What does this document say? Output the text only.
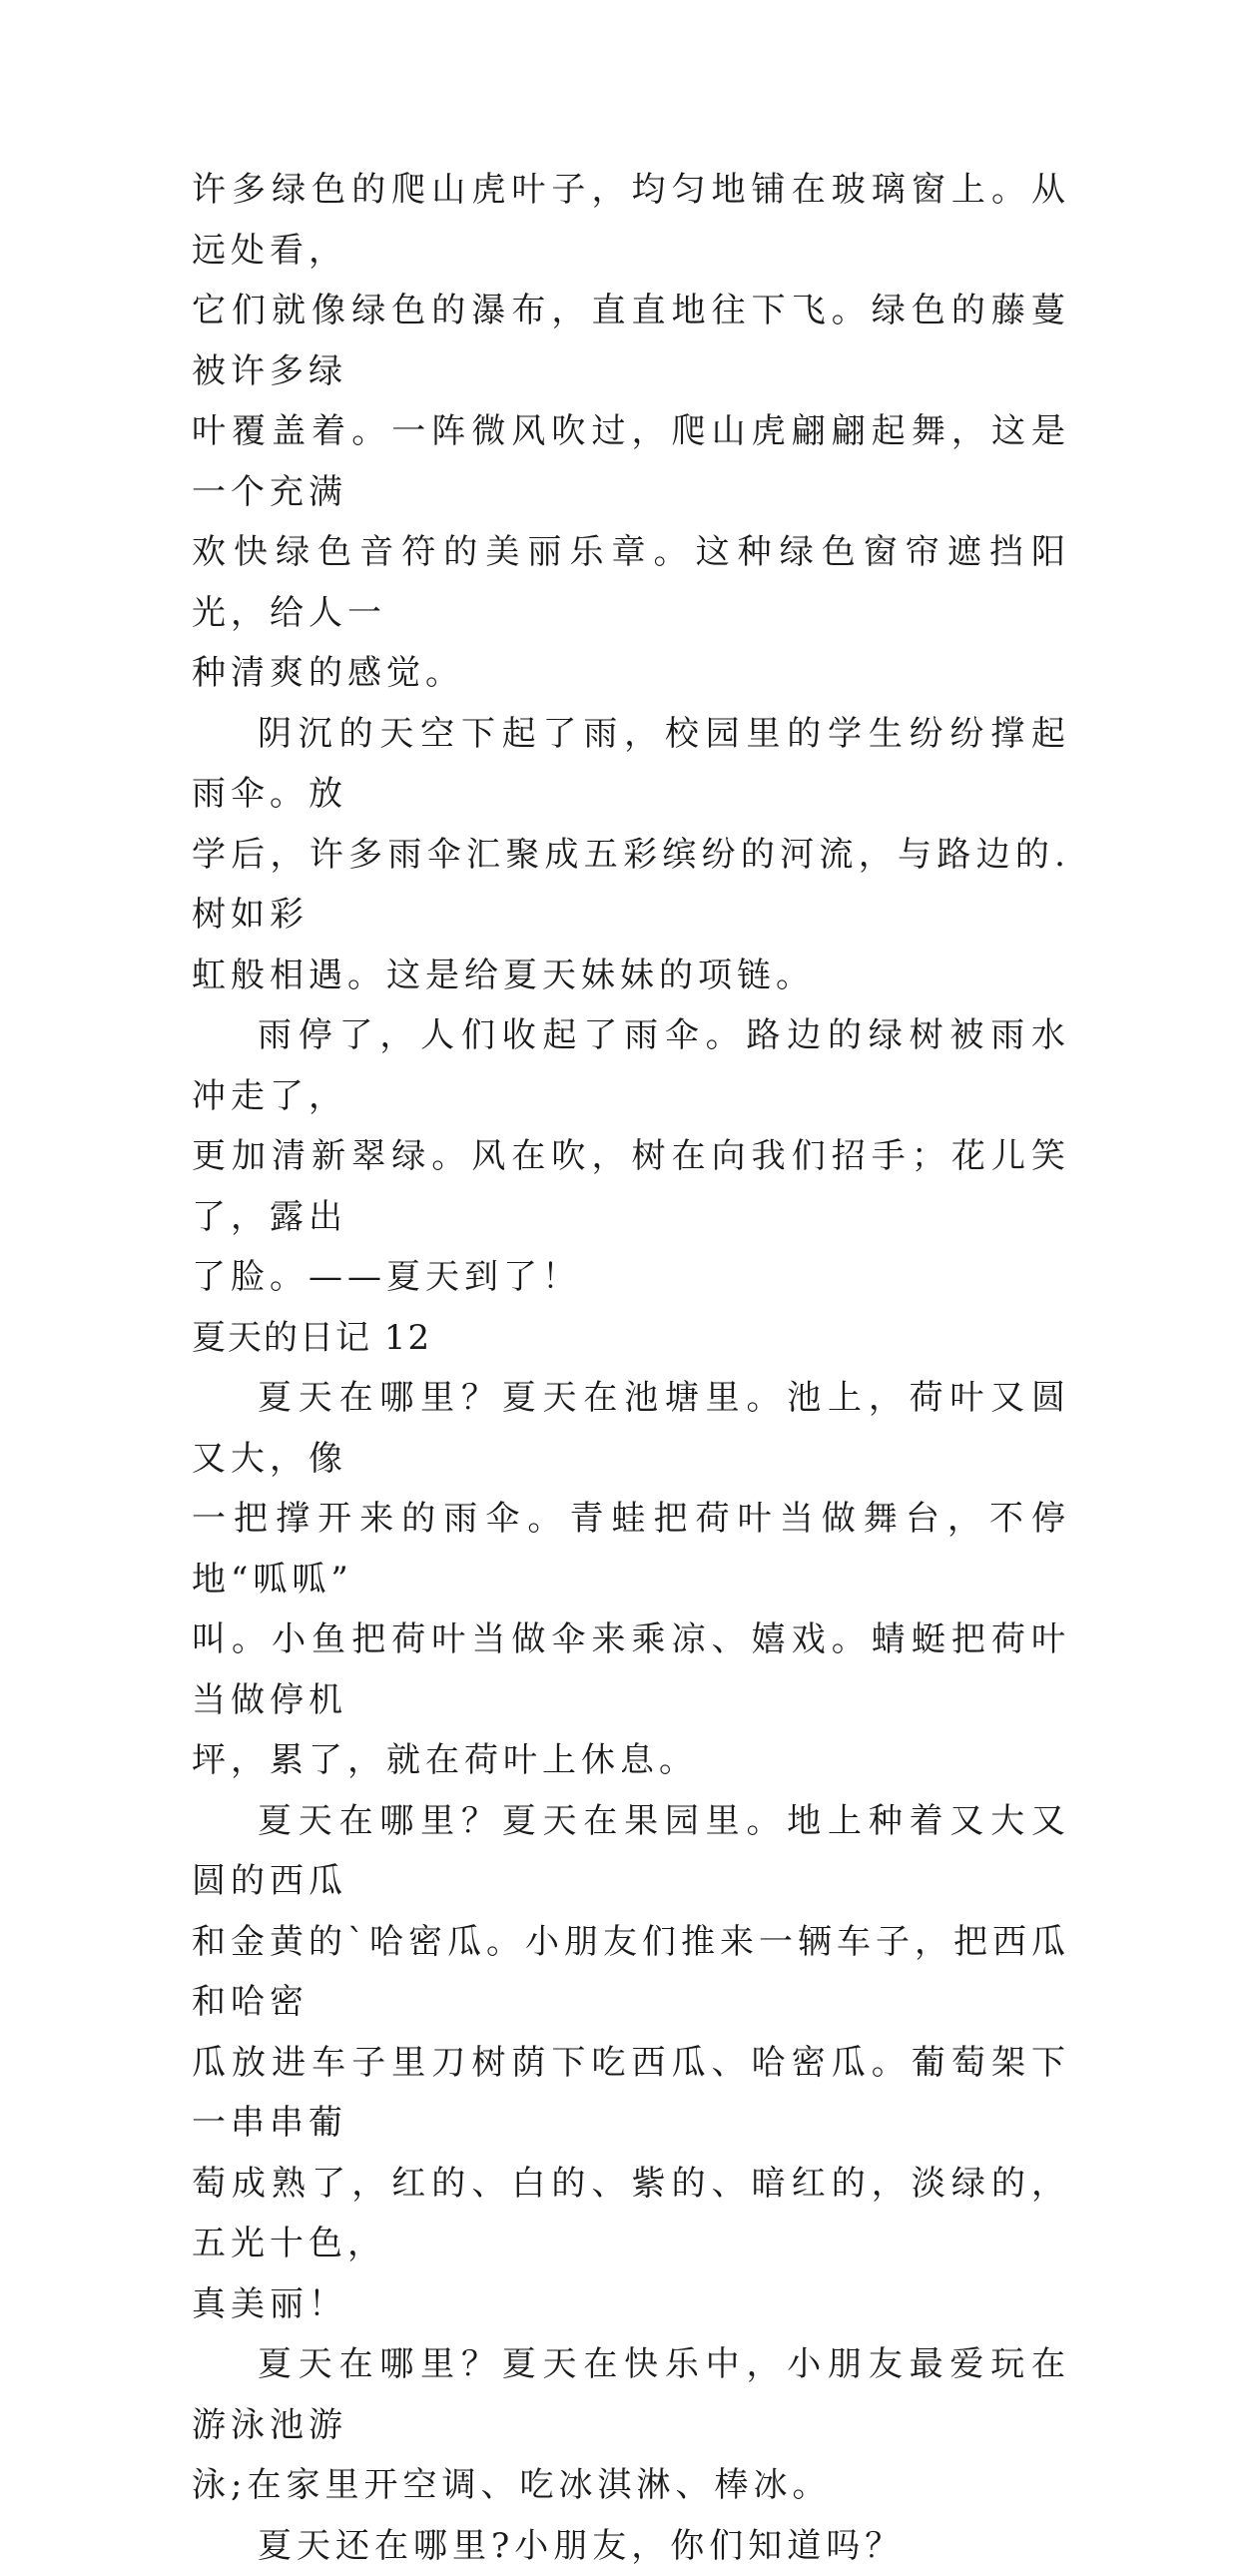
许多绿色的爬山虎叶子，均匀地铺在玻璃窗上。从远处看，
它们就像绿色的瀑布，直直地往下飞。绿色的藤蔓被许多绿
叶覆盖着。一阵微风吹过，爬山虎翩翩起舞，这是一个充满
欢快绿色音符的美丽乐章。这种绿色窗帘遮挡阳光，给人一
种清爽的感觉。

阴沉的天空下起了雨，校园里的学生纷纷撑起雨伞。放
学后，许多雨伞汇聚成五彩缤纷的河流，与路边的.树如彩
虹般相遇。这是给夏天妹妹的项链。

雨停了，人们收起了雨伞。路边的绿树被雨水冲走了，
更加清新翠绿。风在吹，树在向我们招手；花儿笑了，露出
了脸。——夏天到了！

夏天的日记 12

夏天在哪里？夏天在池塘里。池上，荷叶又圆又大，像
一把撑开来的雨伞。青蛙把荷叶当做舞台，不停地“呱呱”
叫。小鱼把荷叶当做伞来乘凉、嬉戏。蜻蜓把荷叶当做停机
坪，累了，就在荷叶上休息。

夏天在哪里？夏天在果园里。地上种着又大又圆的西瓜
和金黄的`哈密瓜。小朋友们推来一辆车子，把西瓜和哈密
瓜放进车子里刀树荫下吃西瓜、哈密瓜。葡萄架下一串串葡
萄成熟了，红的、白的、紫的、暗红的，淡绿的，五光十色，
真美丽！

夏天在哪里？夏天在快乐中，小朋友最爱玩在游泳池游
泳;在家里开空调、吃冰淇淋、棒冰。

夏天还在哪里?小朋友，你们知道吗？
